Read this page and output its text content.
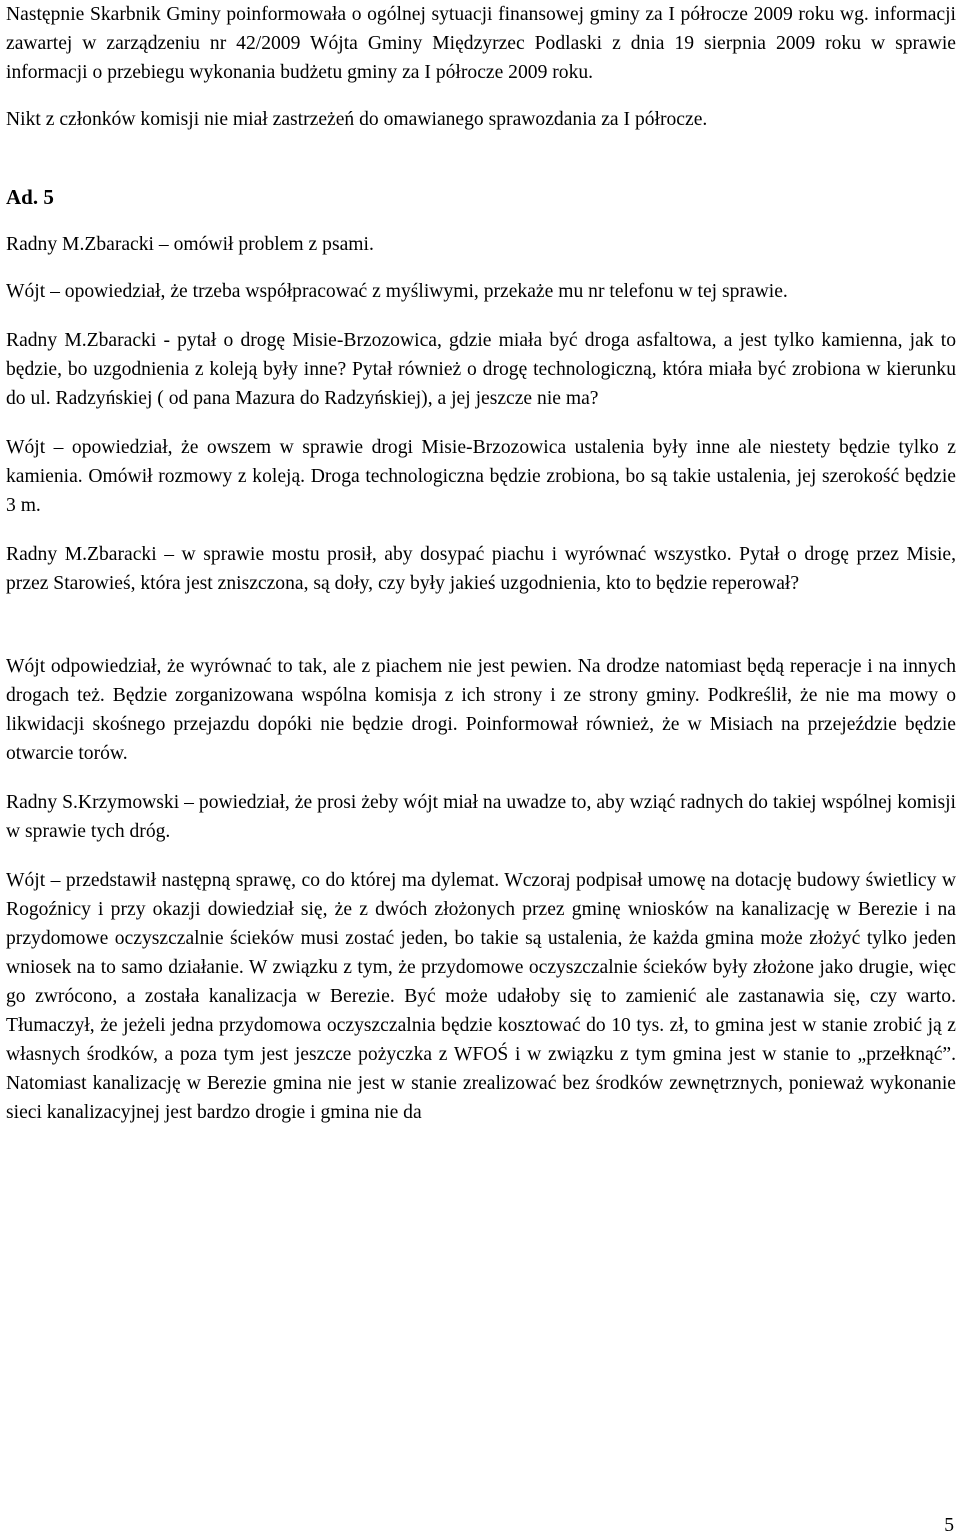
Następnie Skarbnik Gminy poinformowała o ogólnej sytuacji finansowej gminy za I półrocze 2009 roku wg. informacji zawartej w zarządzeniu nr 42/2009 Wójta Gminy Międzyrzec Podlaski z dnia 19 sierpnia 2009 roku w sprawie informacji o przebiegu wykonania budżetu gminy za I półrocze 2009 roku.

Nikt z członków komisji nie miał zastrzeżeń do omawianego sprawozdania za I półrocze.

Ad. 5

Radny M.Zbaracki – omówił problem z psami.

Wójt – opowiedział, że trzeba współpracować z myśliwymi, przekaże mu nr telefonu w tej sprawie.

Radny M.Zbaracki - pytał o drogę Misie-Brzozowica, gdzie miała być droga asfaltowa, a jest tylko kamienna, jak to będzie, bo uzgodnienia z koleją były inne? Pytał również o drogę technologiczną, która miała być zrobiona w kierunku do ul. Radzyńskiej ( od pana Mazura do Radzyńskiej), a jej jeszcze nie ma?

Wójt – opowiedział, że owszem w sprawie drogi Misie-Brzozowica ustalenia były inne ale niestety będzie tylko z kamienia. Omówił rozmowy z koleją. Droga technologiczna będzie zrobiona, bo są takie ustalenia, jej szerokość będzie 3 m.

Radny M.Zbaracki – w sprawie mostu prosił, aby dosypać piachu i wyrównać wszystko. Pytał o drogę przez Misie, przez Starowieś, która jest zniszczona, są doły, czy były jakieś uzgodnienia, kto to będzie reperował?

Wójt odpowiedział, że wyrównać to tak, ale z piachem nie jest pewien. Na drodze natomiast będą reperacje i na innych drogach też. Będzie zorganizowana wspólna komisja z ich strony i ze strony gminy. Podkreślił, że nie ma mowy o likwidacji skośnego przejazdu dopóki nie będzie drogi. Poinformował również, że w Misiach na przejeździe będzie otwarcie torów.

Radny S.Krzymowski – powiedział, że prosi żeby wójt miał na uwadze to, aby wziąć radnych do takiej wspólnej komisji w sprawie tych dróg.

Wójt – przedstawił następną sprawę, co do której ma dylemat. Wczoraj podpisał umowę na dotację budowy świetlicy w Rogoźnicy i przy okazji dowiedział się, że z dwóch złożonych przez gminę wniosków na kanalizację w Berezie i na przydomowe oczyszczalnie ścieków musi zostać jeden, bo takie są ustalenia, że każda gmina może złożyć tylko jeden wniosek na to samo działanie. W związku z tym, że przydomowe oczyszczalnie ścieków były złożone jako drugie, więc go zwrócono, a została kanalizacja w Berezie. Być może udałoby się to zamienić ale zastanawia się, czy warto. Tłumaczył, że jeżeli jedna przydomowa oczyszczalnia będzie kosztować do 10 tys. zł, to gmina jest w stanie zrobić ją z własnych środków, a poza tym jest jeszcze pożyczka z WFOŚ i w związku z tym gmina jest w stanie to „przełknąć”. Natomiast kanalizację w Berezie gmina nie jest w stanie zrealizować bez środków zewnętrznych, ponieważ wykonanie sieci kanalizacyjnej jest bardzo drogie i gmina nie da

5
